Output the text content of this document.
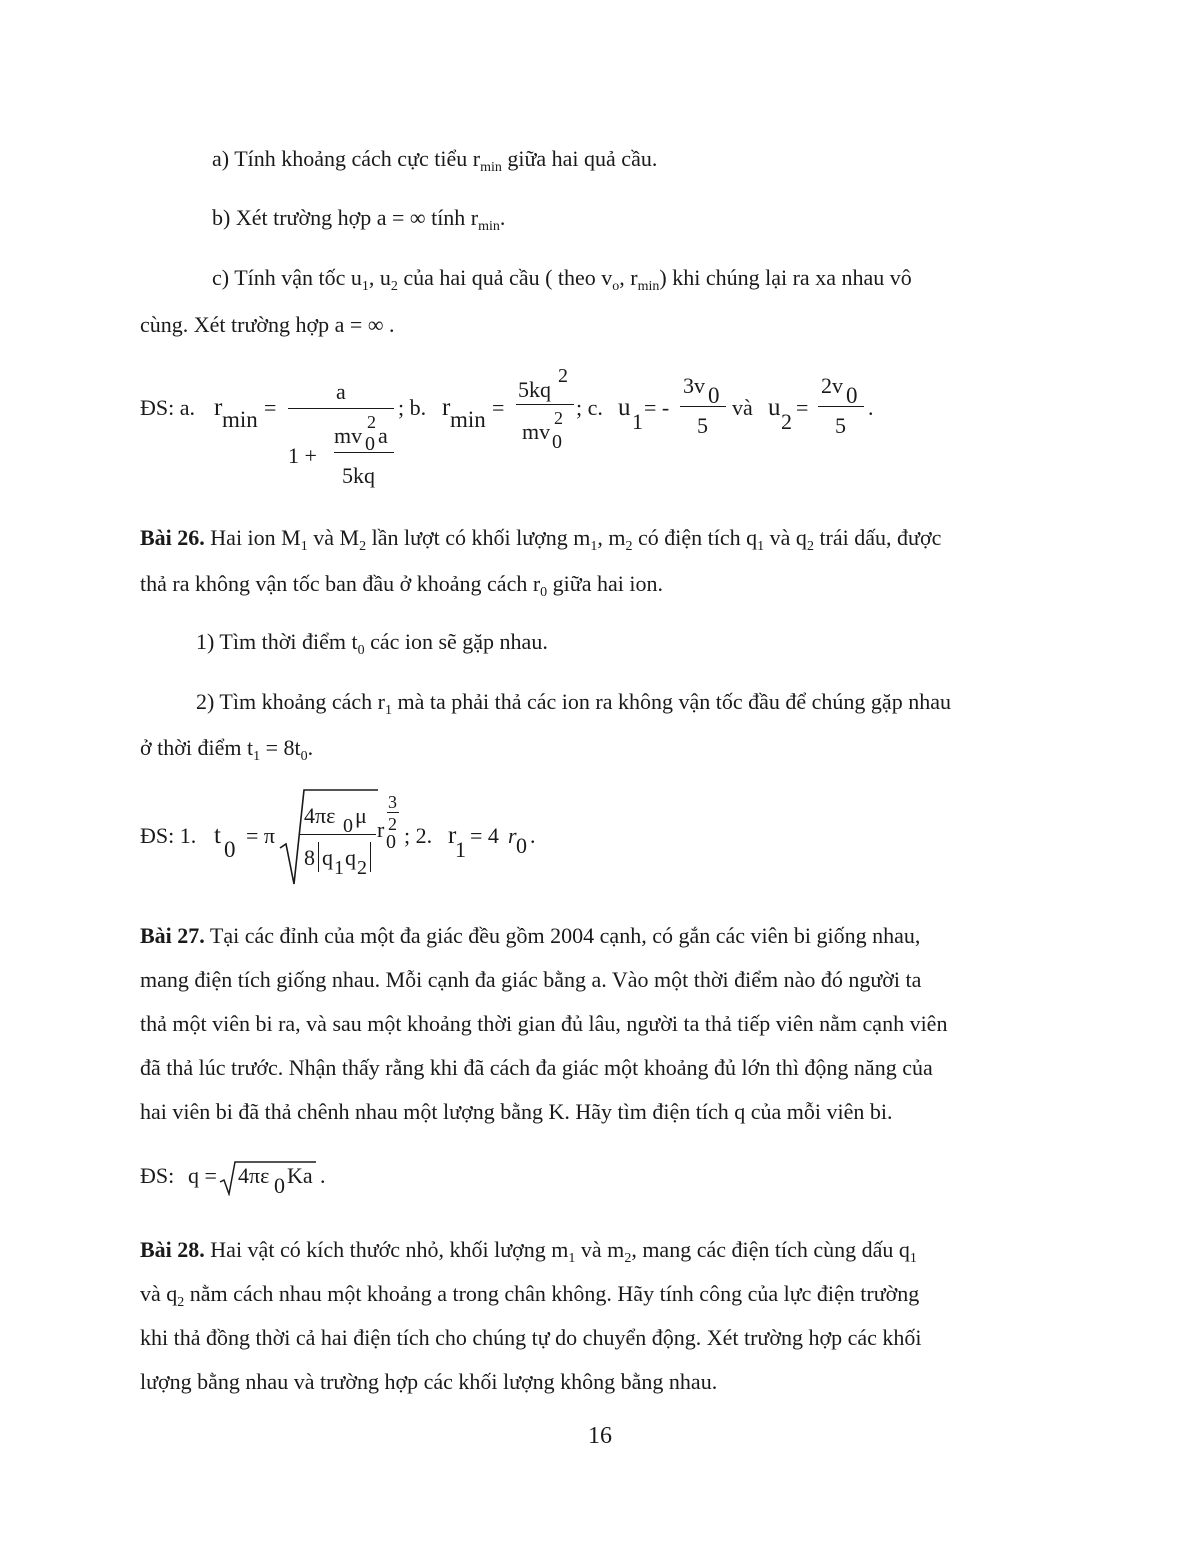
a) Tính khoảng cách cực tiểu $r_{min}$ giữa hai quả cầu.
b) Xét trường hợp a = ∞ tính $r_{min}$.
c) Tính vận tốc $u_1$, $u_2$ của hai quả cầu ( theo $v_o$, $r_{min}$) khi chúng lại ra xa nhau vô
cùng. Xét trường hợp a = ∞ .
ĐS: a. r min =
a
1 +
mv
2
0 a
5kq
; b. r min =
5kq
2
mv
2
0
; c. u
1
= -
3v 0
5
và u
2
=
2v 0
5
.
Bài 26. Hai ion $M_1$ và $M_2$ lần lượt có khối lượng $m_1$, $m_2$ có điện tích $q_1$ và $q_2$ trái dấu, được
thả ra không vận tốc ban đầu ở khoảng cách $r_0$ giữa hai ion.
1) Tìm thời điểm $t_0$ các ion sẽ gặp nhau.
2) Tìm khoảng cách $r_1$ mà ta phải thả các ion ra không vận tốc đầu để chúng gặp nhau
ở thời điểm $t_1 = 8t_0$.
ĐS: 1. t
0
= π
4πε 0 μ
8 q 1 q 2
r 0
3
2 ; 2. r
1
= 4 r 0 .
Bài 27. Tại các đỉnh của một đa giác đều gồm 2004 cạnh, có gắn các viên bi giống nhau,
mang điện tích giống nhau. Mỗi cạnh đa giác bằng a. Vào một thời điểm nào đó người ta
thả một viên bi ra, và sau một khoảng thời gian đủ lâu, người ta thả tiếp viên nằm cạnh viên
đã thả lúc trước. Nhận thấy rằng khi đã cách đa giác một khoảng đủ lớn thì động năng của
hai viên bi đã thả chênh nhau một lượng bằng K. Hãy tìm điện tích q của mỗi viên bi.
ĐS: q = 4πε 0 Ka .
Bài 28. Hai vật có kích thước nhỏ, khối lượng $m_1$ và $m_2$, mang các điện tích cùng dấu $q_1$
và $q_2$ nằm cách nhau một khoảng a trong chân không. Hãy tính công của lực điện trường
khi thả đồng thời cả hai điện tích cho chúng tự do chuyển động. Xét trường hợp các khối
lượng bằng nhau và trường hợp các khối lượng không bằng nhau.
16
